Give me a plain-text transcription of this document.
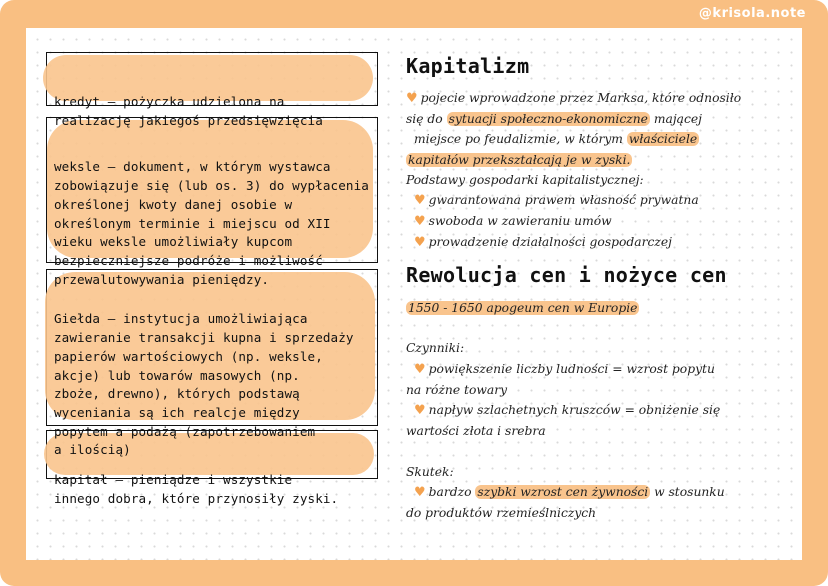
@krisola.note

kredyt — pożyczka udzielona na
realizację jakiegoś przedsięwzięcia

weksle — dokument, w którym wystawca
zobowiązuje się (lub os. 3) do wypłacenia
określonej kwoty danej osobie w
określonym terminie i miejscu od XII
wieku weksle umożliwiały kupcom
bezpieczniejsze podróże i możliwość
przewalutowywania pieniędzy.

Giełda — instytucja umożliwiająca
zawieranie transakcji kupna i sprzedaży
papierów wartościowych (np. weksle,
akcje) lub towarów masowych (np.
zboże, drewno), których podstawą
wyceniania są ich realcje między
popytem a podażą (zapotrzebowaniem
a ilością)

kapitał — pieniądze i wszystkie
innego dobra, które przynosiły zyski.

Kapitalizm
♥ pojecie wprowadzone przez Marksa, które odnosiło
się do sytuacji społeczno-ekonomiczne mającej
miejsce po feudalizmie, w którym właściciele
kapitałów przekształcają je w zyski.
Podstawy gospodarki kapitalistycznej:
♥ gwarantowana prawem własność prywatna
♥ swoboda w zawieraniu umów
♥ prowadzenie działalności gospodarczej
Rewolucja cen i nożyce cen
1550 - 1650 apogeum cen w Europie

Czynniki:
♥ powiększenie liczby ludności = wzrost popytu
na różne towary
♥ napływ szlachetnych kruszców = obniżenie się
wartości złota i srebra

Skutek:
♥ bardzo szybki wzrost cen żywności w stosunku
do produktów rzemieślniczych
